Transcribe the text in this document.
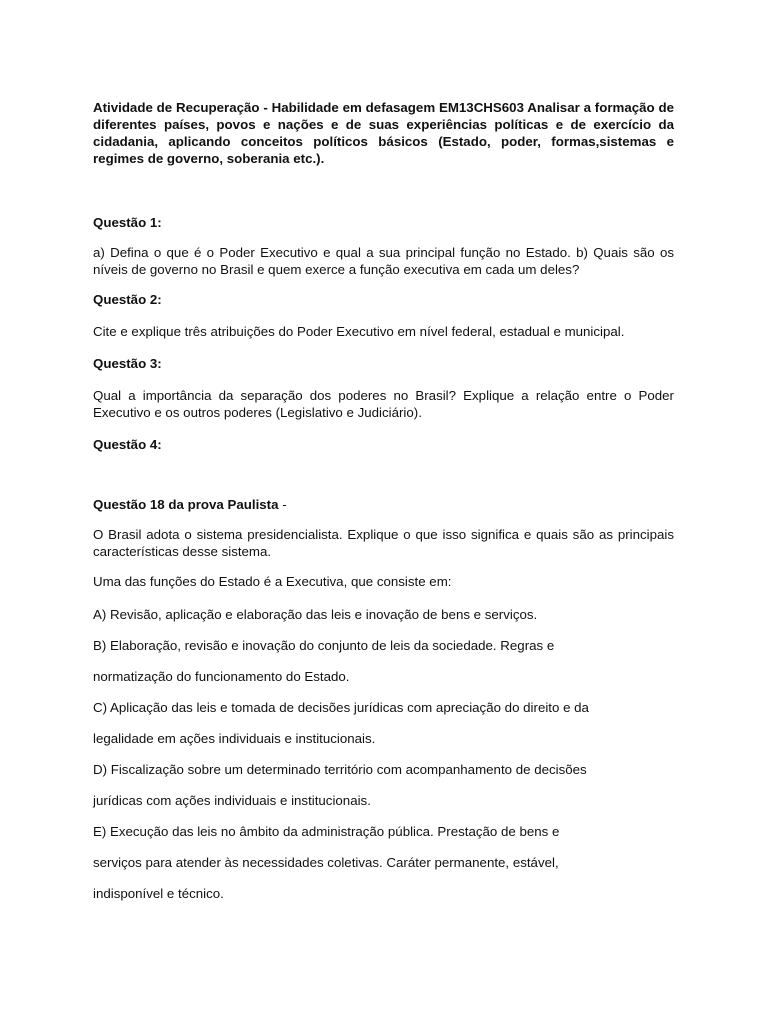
Atividade de Recuperação - Habilidade em defasagem EM13CHS603 Analisar a formação de diferentes países, povos e nações e de suas experiências políticas e de exercício da cidadania, aplicando conceitos políticos básicos (Estado, poder, formas,sistemas e regimes de governo, soberania etc.).

Questão 1:

a) Defina o que é o Poder Executivo e qual a sua principal função no Estado. b) Quais são os níveis de governo no Brasil e quem exerce a função executiva em cada um deles?

Questão 2:

Cite e explique três atribuições do Poder Executivo em nível federal, estadual e municipal.

Questão 3:

Qual a importância da separação dos poderes no Brasil? Explique a relação entre o Poder Executivo e os outros poderes (Legislativo e Judiciário).

Questão 4:

Questão 18 da prova Paulista -

O Brasil adota o sistema presidencialista. Explique o que isso significa e quais são as principais características desse sistema.

Uma das funções do Estado é a Executiva, que consiste em:

A) Revisão, aplicação e elaboração das leis e inovação de bens e serviços.

B) Elaboração, revisão e inovação do conjunto de leis da sociedade. Regras e

normatização do funcionamento do Estado.

C) Aplicação das leis e tomada de decisões jurídicas com apreciação do direito e da

legalidade em ações individuais e institucionais.

D) Fiscalização sobre um determinado território com acompanhamento de decisões

jurídicas com ações individuais e institucionais.

E) Execução das leis no âmbito da administração pública. Prestação de bens e

serviços para atender às necessidades coletivas. Caráter permanente, estável,

indisponível e técnico.
